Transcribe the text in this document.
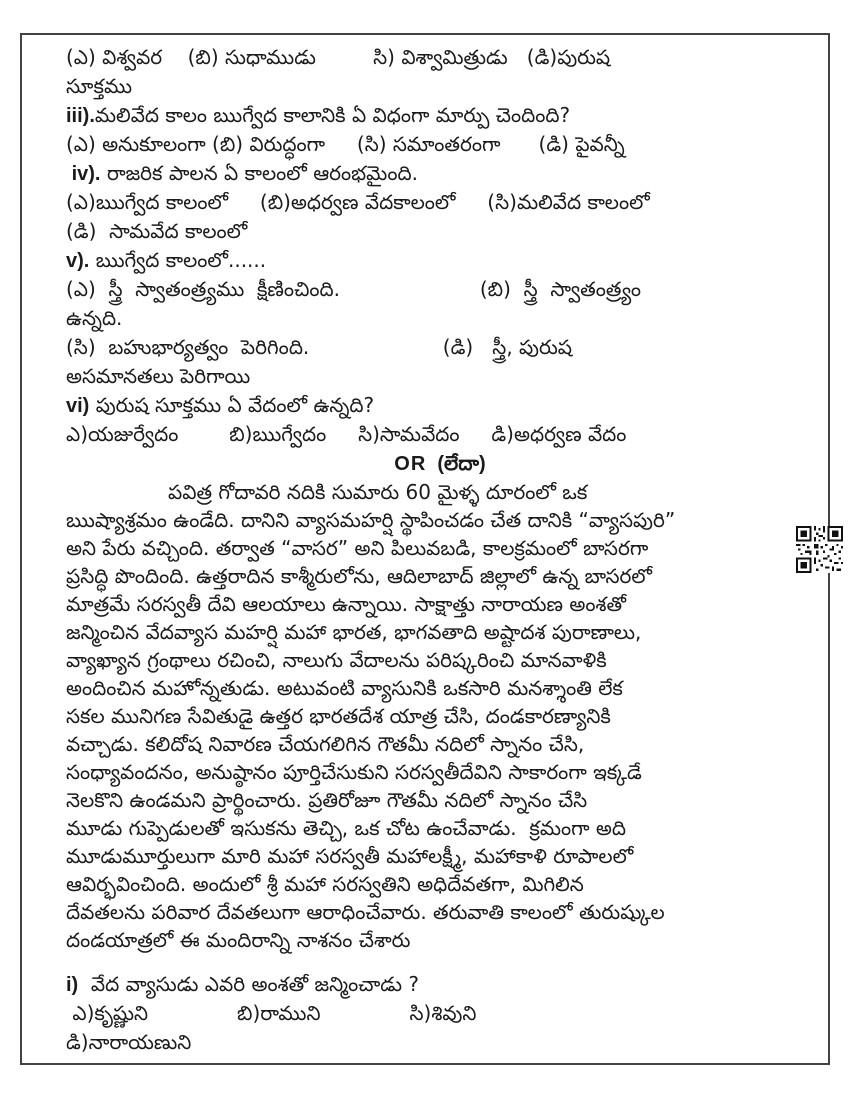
(ఎ) విశ్వవర    (బి) సుధాముడు         సి) విశ్వామిత్రుడు   (డి)పురుష
సూక్తము
iii).మలివేద కాలం ఋగ్వేద కాలానికి ఏ విధంగా మార్పు చెందింది?
(ఎ) అనుకూలంగా (బి) విరుద్ధంగా     (సి) సమాంతరంగా      (డి) పైవన్నీ
iv). రాజరిక పాలన ఏ కాలంలో ఆరంభమైంది.
(ఎ)ఋగ్వేద కాలంలో     (బి)అధర్వణ వేదకాలంలో     (సి)మలివేద కాలంలో
(డి)  సామవేద కాలంలో
v). ఋగ్వేద కాలంలో......
(ఎ)  స్త్రీ  స్వాతంత్ర్యము  క్షీణించింది.                      (బి)  స్త్రీ  స్వాతంత్ర్యం
ఉన్నది.
(సి)  బహుభార్యత్వం  పెరిగింది.                     (డి)   స్త్రీ, పురుష
అసమానతలు పెరిగాయి
vi) పురుష సూక్తము ఏ వేదంలో ఉన్నది?
ఎ)యజుర్వేదం        బి)ఋగ్వేదం     సి)సామవేదం     డి)అధర్వణ వేదం
OR  (లేదా)
పవిత్ర గోదావరి నదికి సుమారు 60 మైళ్ళ దూరంలో ఒక
ఋష్యాశ్రమం ఉండేది. దానిని వ్యాసమహర్షి స్థాపించడం చేత దానికి “వ్యాసపురి”
అని పేరు వచ్చింది. తర్వాత “వాసర” అని పిలువబడి, కాలక్రమంలో బాసరగా
ప్రసిద్ధి పొందింది. ఉత్తరాదిన కాశ్మీరులోను, ఆదిలాబాద్ జిల్లాలో ఉన్న బాసరలో
మాత్రమే సరస్వతీ దేవి ఆలయాలు ఉన్నాయి. సాక్షాత్తు నారాయణ అంశతో
జన్మించిన వేదవ్యాస మహర్షి మహా భారత, భాగవతాది అష్టాదశ పురాణాలు,
వ్యాఖ్యాన గ్రంథాలు రచించి, నాలుగు వేదాలను పరిష్కరించి మానవాళికి
అందించిన మహోన్నతుడు. అటువంటి వ్యాసునికి ఒకసారి మనశ్శాంతి లేక
సకల మునిగణ సేవితుడై ఉత్తర భారతదేశ యాత్ర చేసి, దండకారణ్యానికి
వచ్చాడు. కలిదోష నివారణ చేయగలిగిన గౌతమీ నదిలో స్నానం చేసి,
సంధ్యావందనం, అనుష్ఠానం పూర్తిచేసుకుని సరస్వతీదేవిని సాకారంగా ఇక్కడే
నెలకొని ఉండమని ప్రార్థించారు. ప్రతిరోజూ గౌతమీ నదిలో స్నానం చేసి
మూడు గుప్పెడులతో ఇసుకను తెచ్చి, ఒక చోట ఉంచేవాడు.  క్రమంగా అది
మూడుమూర్తులుగా మారి మహా సరస్వతీ మహాలక్ష్మీ, మహాకాళి రూపాలలో
ఆవిర్భవించింది. అందులో శ్రీ మహా సరస్వతిని అధిదేవతగా, మిగిలిన
దేవతలను పరివార దేవతలుగా ఆరాధించేవారు. తరువాతి కాలంలో తురుష్కుల
దండయాత్రలో ఈ మందిరాన్ని నాశనం చేశారు
i)  వేద వ్యాసుడు ఎవరి అంశతో జన్మించాడు ?
ఎ)కృష్ణుని              బి)రాముని              సి)శివుని
డి)నారాయణుని
